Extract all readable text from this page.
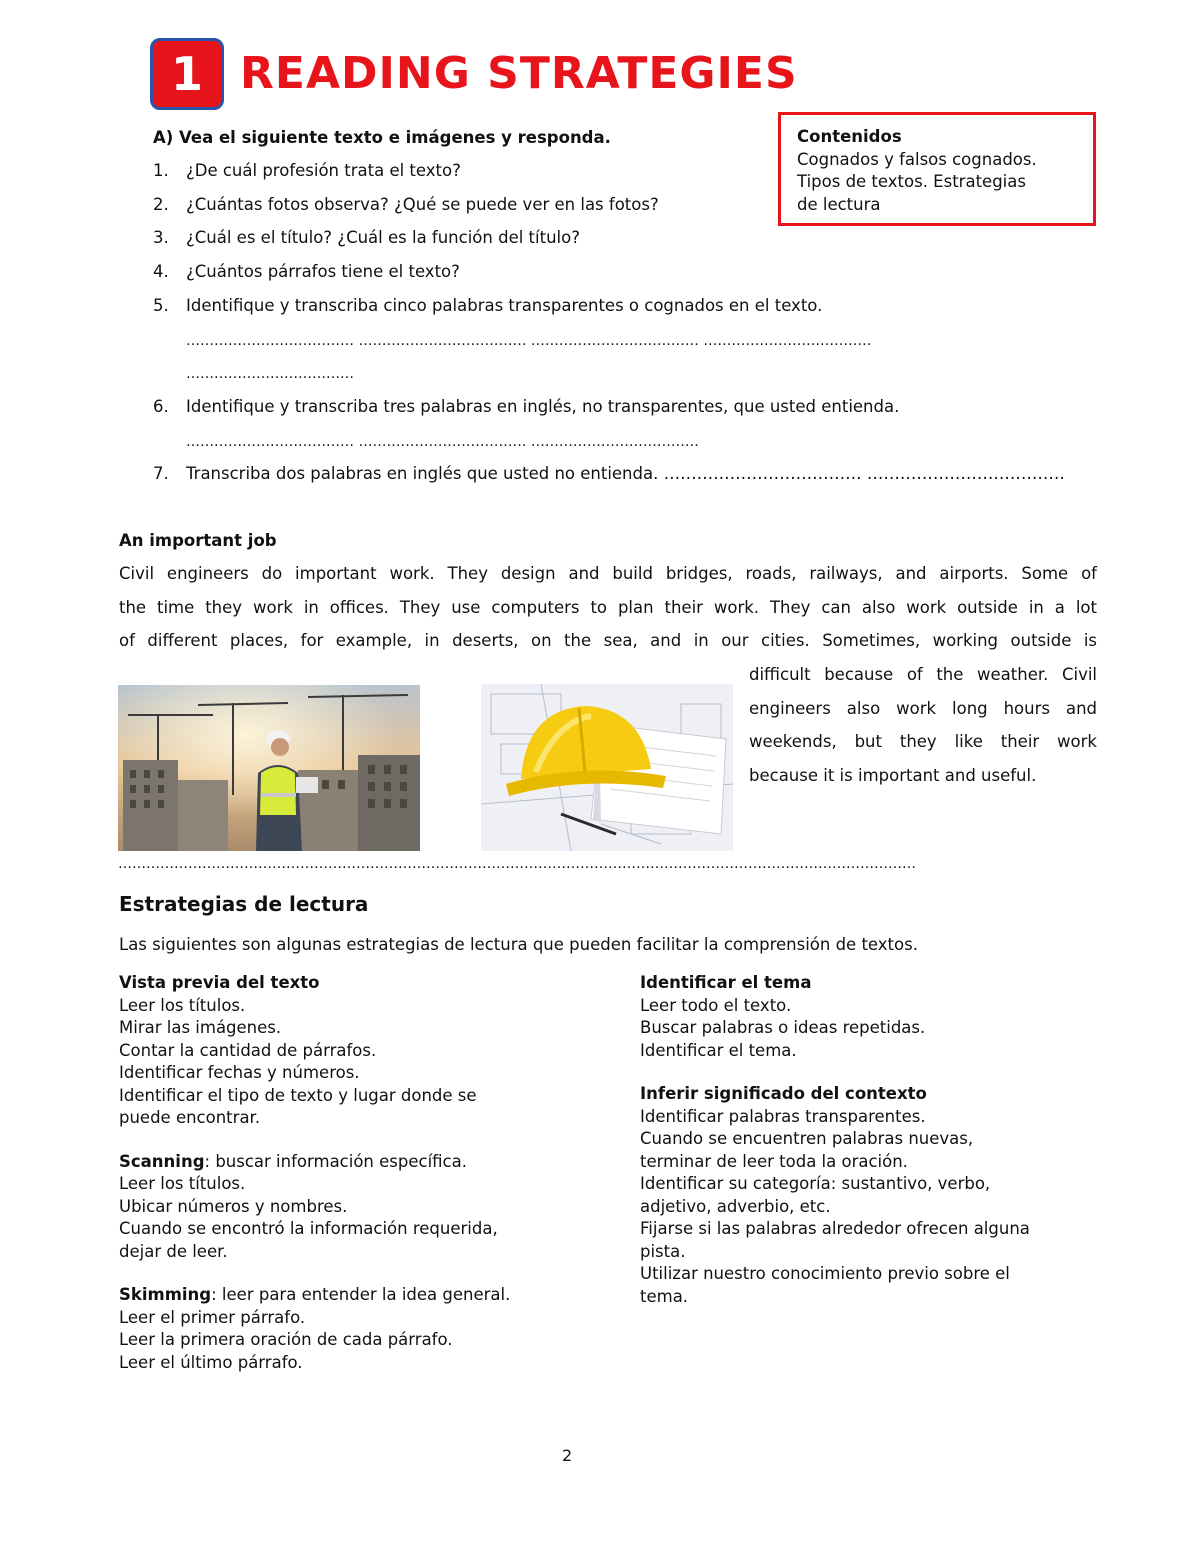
1 READING STRATEGIES
Contenidos
Cognados y falsos cognados.
Tipos de textos. Estrategias
de lectura
A) Vea el siguiente texto e imágenes y responda.
1. ¿De cuál profesión trata el texto?
2. ¿Cuántas fotos observa? ¿Qué se puede ver en las fotos?
3. ¿Cuál es el título? ¿Cuál es la función del título?
4. ¿Cuántos párrafos tiene el texto?
5. Identifique y transcriba cinco palabras transparentes o cognados en el texto.
……………………………… ……………………………… ……………………………… ………………………………
………………………………
6. Identifique y transcriba tres palabras en inglés, no transparentes, que usted entienda.
……………………………… ……………………………… ………………………………
7. Transcriba dos palabras en inglés que usted no entienda. ……………………………… ………………………………
An important job
Civil engineers do important work. They design and build bridges, roads, railways, and airports. Some of
the time they work in offices. They use computers to plan their work. They can also work outside in a lot
of different places, for example, in deserts, on the sea, and in our cities. Sometimes, working outside is
difficult because of the weather. Civil
engineers also work long hours and
weekends, but they like their work
because it is important and useful.
………………………………………………………………………………………………………………………………………………………
Estrategias de lectura
Las siguientes son algunas estrategias de lectura que pueden facilitar la comprensión de textos.
Vista previa del texto
Leer los títulos.
Mirar las imágenes.
Contar la cantidad de párrafos.
Identificar fechas y números.
Identificar el tipo de texto y lugar donde se
puede encontrar.
Scanning: buscar información específica.
Leer los títulos.
Ubicar números y nombres.
Cuando se encontró la información requerida,
dejar de leer.
Skimming: leer para entender la idea general.
Leer el primer párrafo.
Leer la primera oración de cada párrafo.
Leer el último párrafo.
Identificar el tema
Leer todo el texto.
Buscar palabras o ideas repetidas.
Identificar el tema.
Inferir significado del contexto
Identificar palabras transparentes.
Cuando se encuentren palabras nuevas,
terminar de leer toda la oración.
Identificar su categoría: sustantivo, verbo,
adjetivo, adverbio, etc.
Fijarse si las palabras alrededor ofrecen alguna
pista.
Utilizar nuestro conocimiento previo sobre el
tema.
2
